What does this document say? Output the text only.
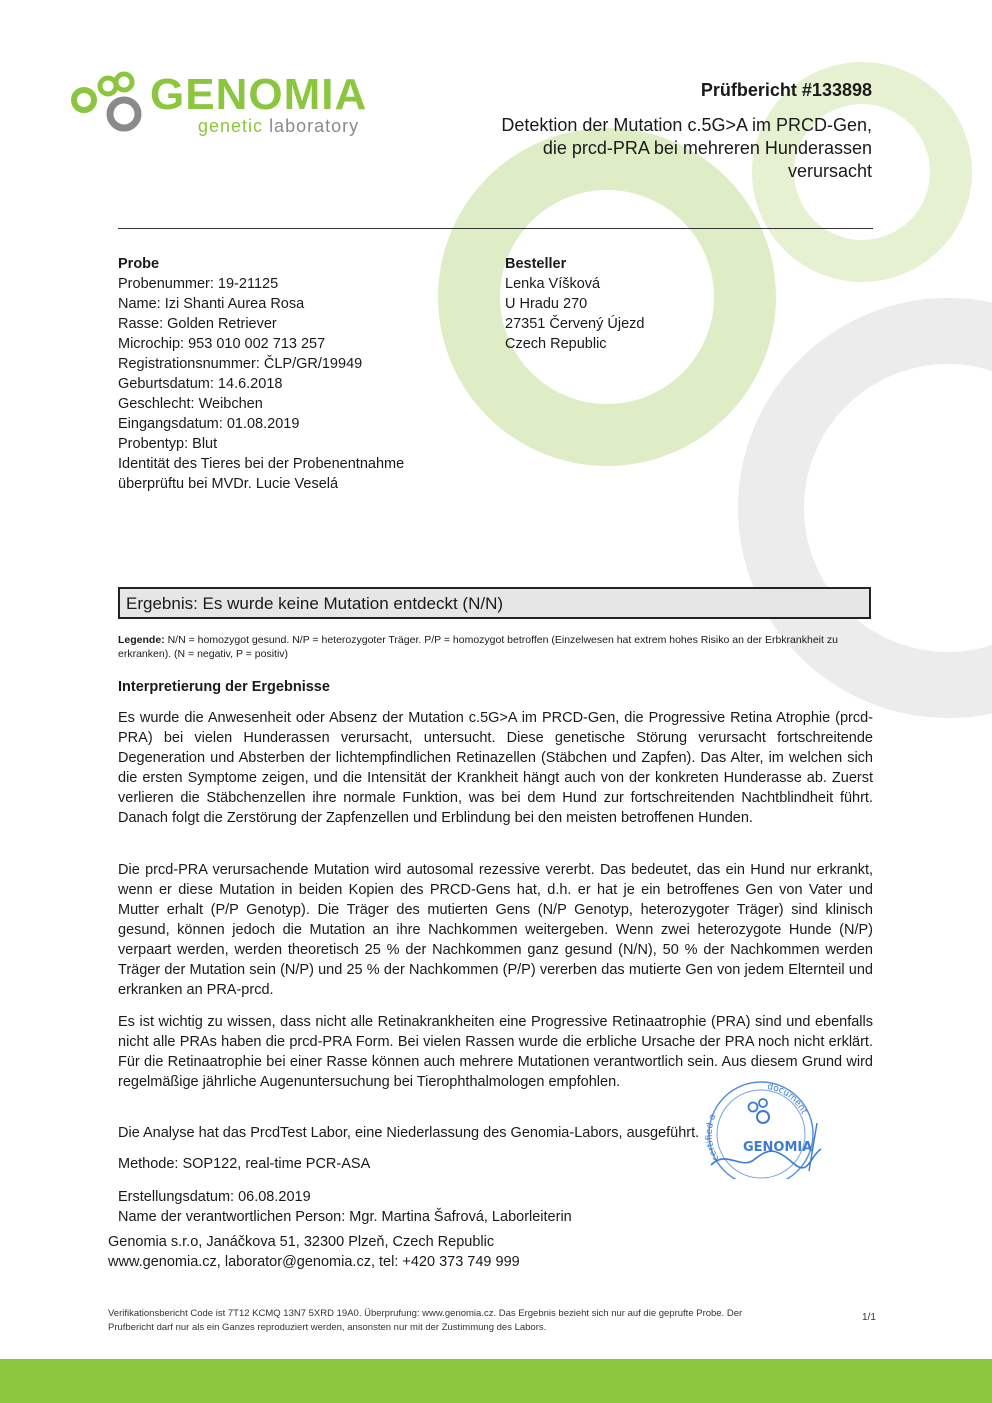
GENOMIA
genetic laboratory
Prüfbericht #133898
Detektion der Mutation c.5G>A im PRCD-Gen, die prcd-PRA bei mehreren Hunderassen verursacht
Probe
Probenummer: 19-21125
Name: Izi Shanti Aurea Rosa
Rasse: Golden Retriever
Microchip: 953 010 002 713 257
Registrationsnummer: ČLP/GR/19949
Geburtsdatum: 14.6.2018
Geschlecht: Weibchen
Eingangsdatum: 01.08.2019
Probentyp: Blut
Identität des Tieres bei der Probenentnahme
überprüftu bei MVDr. Lucie Veselá
Besteller
Lenka Víšková
U Hradu 270
27351 Červený Újezd
Czech Republic
Ergebnis: Es wurde keine Mutation entdeckt (N/N)
Legende: N/N = homozygot gesund. N/P = heterozygoter Träger. P/P = homozygot betroffen (Einzelwesen hat extrem hohes Risiko an der Erbkrankheit zu erkranken). (N = negativ, P = positiv)
Interpretierung der Ergebnisse
Es wurde die Anwesenheit oder Absenz der Mutation c.5G>A im PRCD-Gen, die Progressive Retina Atrophie (prcd-PRA) bei vielen Hunderassen verursacht, untersucht. Diese genetische Störung verursacht fortschreitende Degeneration und Absterben der lichtempfindlichen Retinazellen (Stäbchen und Zapfen). Das Alter, im welchen sich die ersten Symptome zeigen, und die Intensität der Krankheit hängt auch von der konkreten Hunderasse ab. Zuerst verlieren die Stäbchenzellen ihre normale Funktion, was bei dem Hund zur fortschreitenden Nachtblindheit führt. Danach folgt die Zerstörung der Zapfenzellen und Erblindung bei den meisten betroffenen Hunden.
Die prcd-PRA verursachende Mutation wird autosomal rezessive vererbt. Das bedeutet, das ein Hund nur erkrankt, wenn er diese Mutation in beiden Kopien des PRCD-Gens hat, d.h. er hat je ein betroffenes Gen von Vater und Mutter erhalt (P/P Genotyp). Die Träger des mutierten Gens (N/P Genotyp, heterozygoter Träger) sind klinisch gesund, können jedoch die Mutation an ihre Nachkommen weitergeben. Wenn zwei heterozygote Hunde (N/P) verpaart werden, werden theoretisch 25 % der Nachkommen ganz gesund (N/N), 50 % der Nachkommen werden Träger der Mutation sein (N/P) und 25 % der Nachkommen (P/P) vererben das mutierte Gen von jedem Elternteil und erkranken an PRA-prcd.
Es ist wichtig zu wissen, dass nicht alle Retinakrankheiten eine Progressive Retinaatrophie (PRA) sind und ebenfalls nicht alle PRAs haben die prcd-PRA Form. Bei vielen Rassen wurde die erbliche Ursache der PRA noch nicht erklärt. Für die Retinaatrophie bei einer Rasse können auch mehrere Mutationen verantwortlich sein. Aus diesem Grund wird regelmäßige jährliche Augenuntersuchung bei Tierophthalmologen empfohlen.
Die Analyse hat das PrcdTest Labor, eine Niederlassung des Genomia-Labors, ausgeführt.
Methode: SOP122, real-time PCR-ASA
Erstellungsdatum: 06.08.2019
Name der verantwortlichen Person: Mgr. Martina Šafrová, Laborleiterin
Genomia s.r.o, Janáčkova 51, 32300 Plzeň, Czech Republic
www.genomia.cz, laborator@genomia.cz, tel: +420 373 749 999
certified a
document
GENOMIA
Verifikationsbericht Code ist 7T12 KCMQ 13N7 5XRD 19A0. Überprufung: www.genomia.cz. Das Ergebnis bezieht sich nur auf die geprufte Probe. Der Prufbericht darf nur als ein Ganzes reproduziert werden, ansonsten nur mit der Zustimmung des Labors.
1/1
